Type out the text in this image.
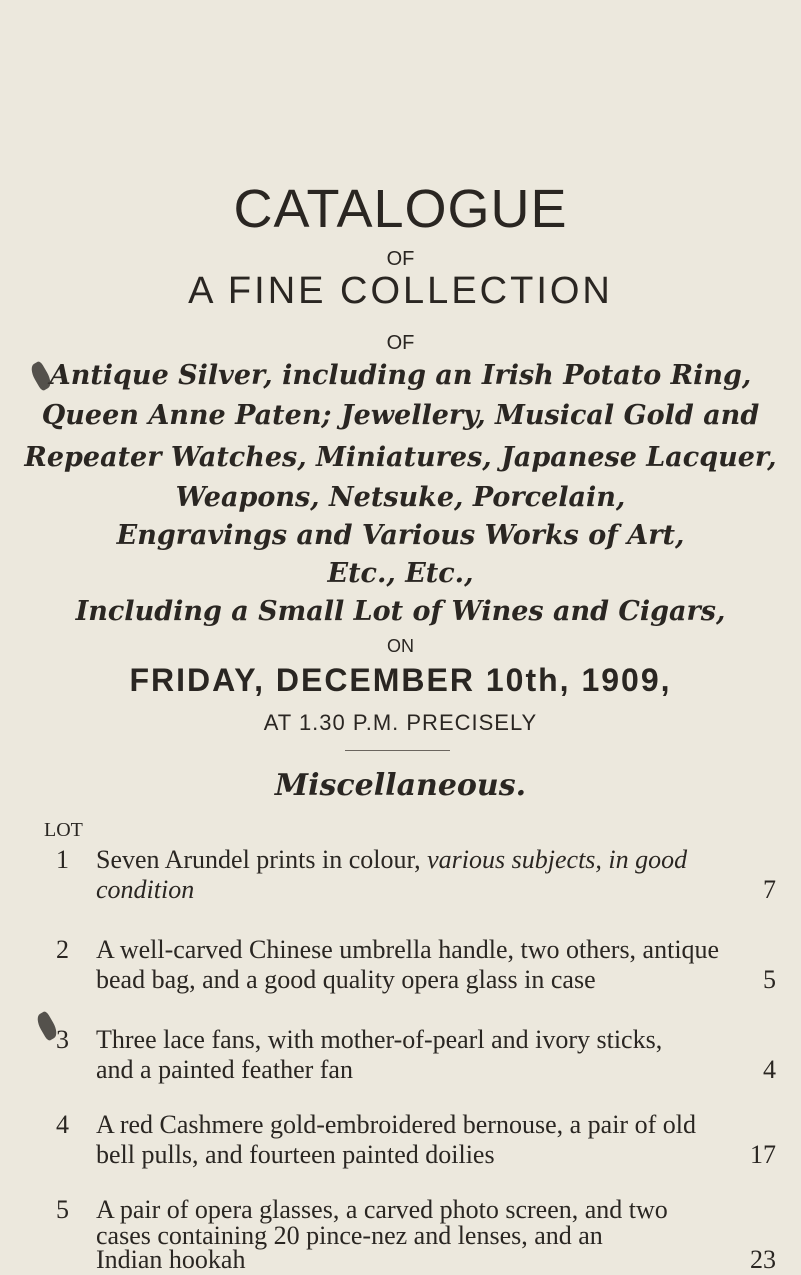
CATALOGUE
OF
A FINE COLLECTION
OF
Antique Silver, including an Irish Potato Ring,
Queen Anne Paten; Jewellery, Musical Gold and
Repeater Watches, Miniatures, Japanese Lacquer,
Weapons, Netsuke, Porcelain,
Engravings and Various Works of Art,
Etc., Etc.,
Including a Small Lot of Wines and Cigars,
ON
FRIDAY, DECEMBER 10th, 1909,
AT 1.30 P.M. PRECISELY
Miscellaneous.
LOT
1 Seven Arundel prints in colour, various subjects, in good
condition	7
2 A well-carved Chinese umbrella handle, two others, antique
bead bag, and a good quality opera glass in case	5
3 Three lace fans, with mother-of-pearl and ivory sticks,
and a painted feather fan	4
4 A red Cashmere gold-embroidered bernouse, a pair of old
bell pulls, and fourteen painted doilies	17
5 A pair of opera glasses, a carved photo screen, and two
cases containing 20 pince-nez and lenses, and an
Indian hookah	23
